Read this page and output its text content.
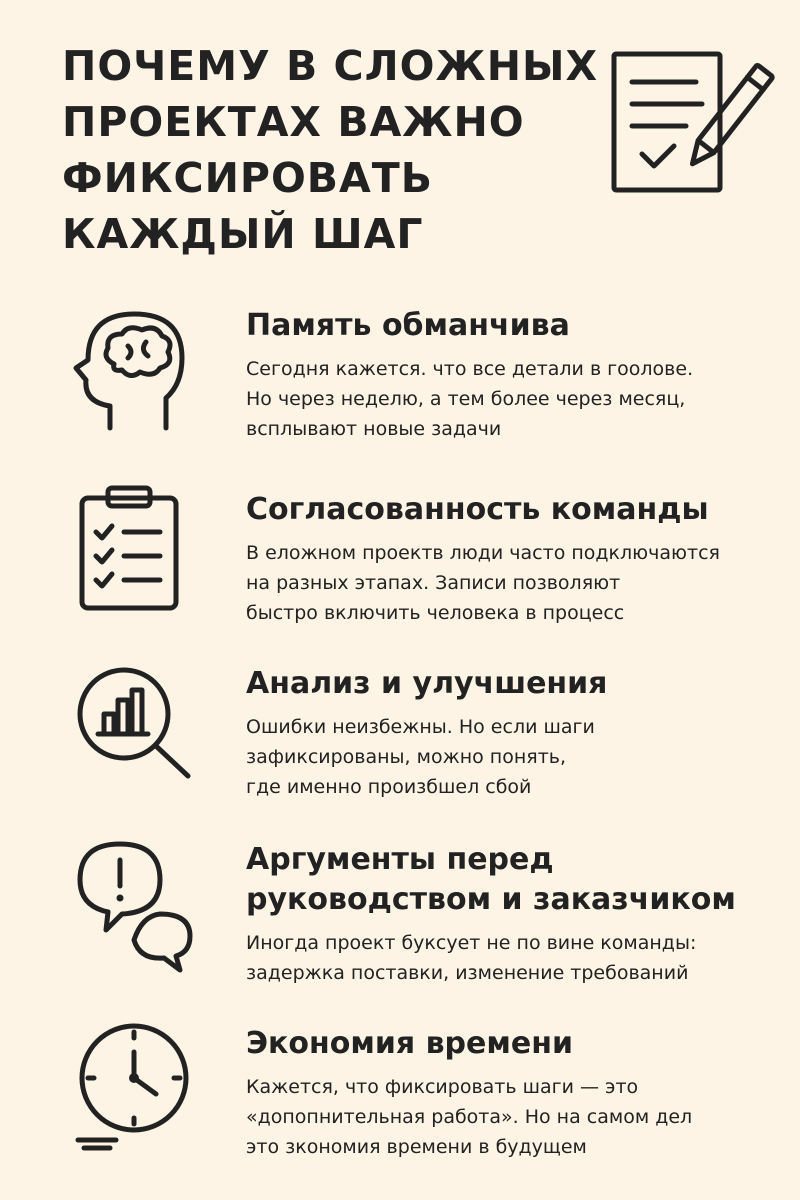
ПОЧЕМУ В СЛОЖНЫХ
ПРОЕКТАХ ВАЖНО
ФИКСИРОВАТЬ
КАЖДЫЙ ШАГ
Память обманчива

Сегодня кажется. что все детали в гоолове.
Но через неделю, а тем более через месяц,
всплывают новые задачи

Согласованность команды

В еложном проектв люди часто подключаются
на разных этапах. Записи позволяют
быстро включить человека в процесс

Анализ и улучшения

Ошибки неизбежны. Но если шаги
зафиксированы, можно понять,
где именно произбшел сбой

Аргументы перед
руководством и заказчиком

Иногда проект буксует не по вине команды:
задержка поставки, изменение требований

Экономия времени

Кажется, что фиксировать шаги — это
«допопнительная работа». Но на самом дел
это зкономия времени в будущем
